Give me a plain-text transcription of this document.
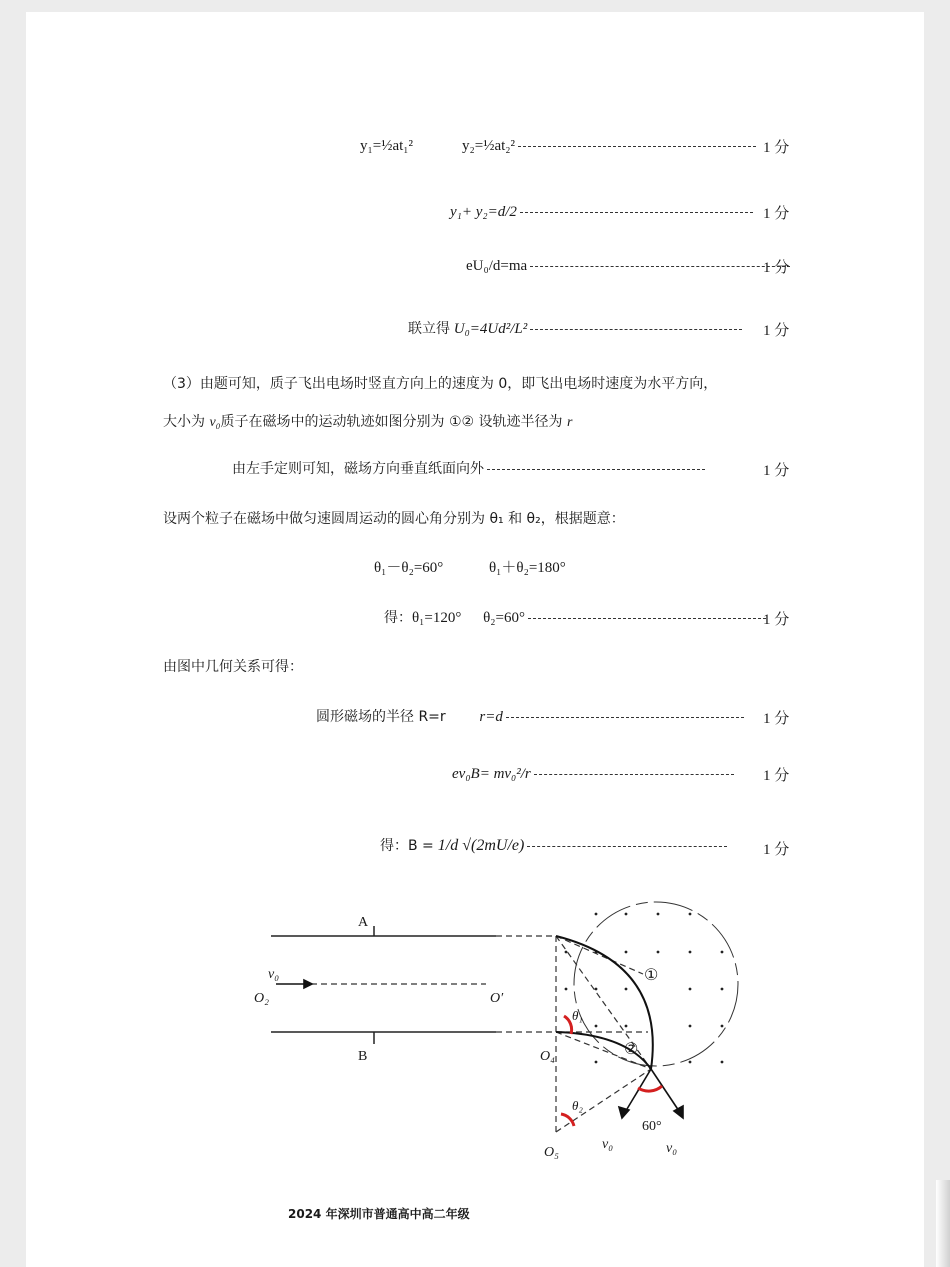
y₁=½at₁²	y₂=½at₂²	1 分
y₁+ y₂=d/2	1 分
eU₀/d=ma	1 分
联立得 U₀=4Ud²/L²	1 分
（3）由题可知，质子飞出电场时竖直方向上的速度为 0，即飞出电场时速度为水平方向，
大小为 v₀质子在磁场中的运动轨迹如图分别为 ①② 设轨迹半径为 r
由左手定则可知，磁场方向垂直纸面向外	1 分
设两个粒子在磁场中做匀速圆周运动的圆心角分别为 θ₁ 和 θ₂，根据题意：
θ₁－θ₂=60°	θ₁＋θ₂=180°
得：θ₁=120° θ₂=60°	1 分
由图中几何关系可得：
圆形磁场的半径 R=r r=d	1 分
ev₀B= mv₀²/r	1 分
得：B = 1/d √(2mU/e)	1 分
A
B
v₀
O₂	O′
O₄
O₅
θ₁
θ₂
60°
v₀	v₀
①
②
2024 年深圳市普通高中高二年级
